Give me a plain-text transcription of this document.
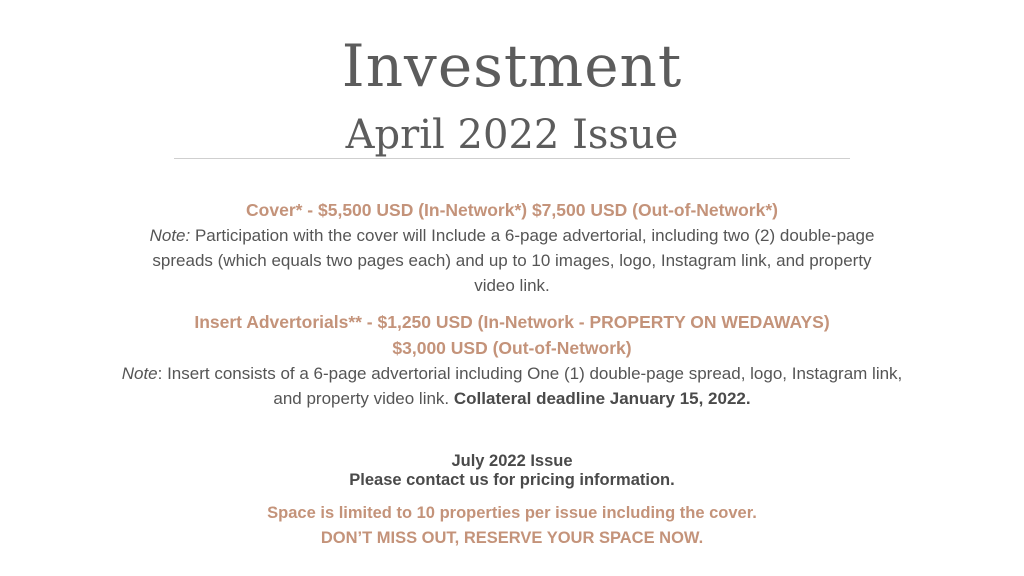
Investment
April 2022 Issue
Cover* - $5,500 USD (In-Network*) $7,500 USD (Out-of-Network*)
Note: Participation with the cover will Include a 6-page advertorial, including two (2) double-page spreads (which equals two pages each) and up to 10 images, logo, Instagram link, and property video link.
Insert Advertorials** - $1,250 USD (In-Network - PROPERTY ON WEDAWAYS)
$3,000 USD (Out-of-Network)
Note: Insert consists of a 6-page advertorial including One (1) double-page spread, logo, Instagram link, and property video link. Collateral deadline January 15, 2022.
July 2022 Issue
Please contact us for pricing information.
Space is limited to 10 properties per issue including the cover.
DON’T MISS OUT, RESERVE YOUR SPACE NOW.
